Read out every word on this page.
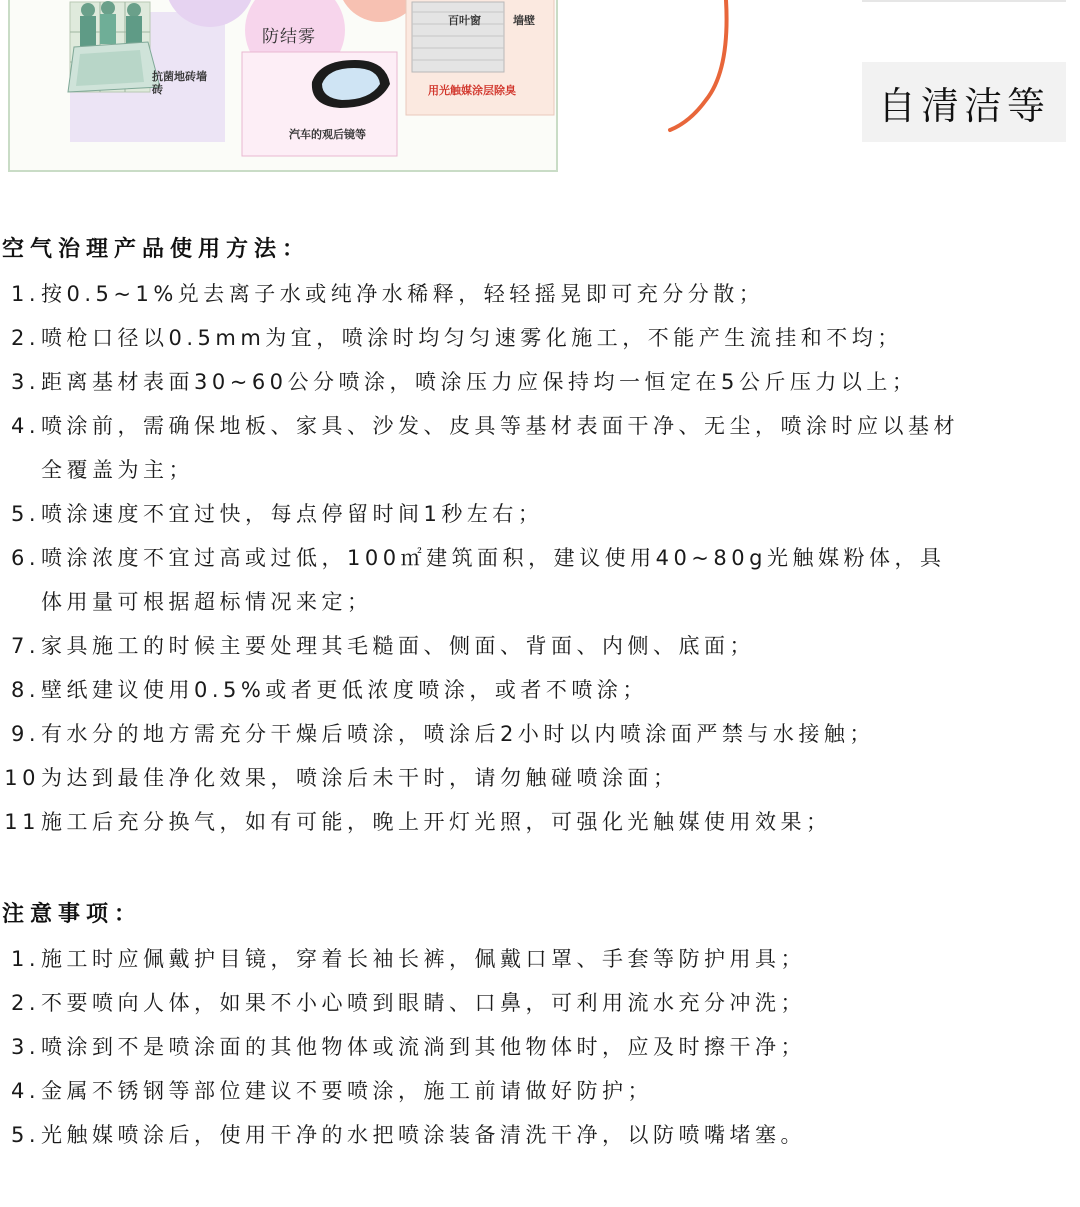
防结雾
抗菌地砖墙砖
百叶窗	墙壁
用光触媒涂层除臭
汽车的观后镜等
自清洁等
空气治理产品使用方法：
1.按0.5~1%兑去离子水或纯净水稀释，轻轻摇晃即可充分分散；
2.喷枪口径以0.5mm为宜，喷涂时均匀匀速雾化施工，不能产生流挂和不均；
3.距离基材表面30~60公分喷涂，喷涂压力应保持均一恒定在5公斤压力以上；
4.喷涂前，需确保地板、家具、沙发、皮具等基材表面干净、无尘，喷涂时应以基材
全覆盖为主；
5.喷涂速度不宜过快，每点停留时间1秒左右；
6.喷涂浓度不宜过高或过低，100㎡建筑面积，建议使用40~80g光触媒粉体，具
体用量可根据超标情况来定；
7.家具施工的时候主要处理其毛糙面、侧面、背面、内侧、底面；
8.壁纸建议使用0.5%或者更低浓度喷涂，或者不喷涂；
9.有水分的地方需充分干燥后喷涂，喷涂后2小时以内喷涂面严禁与水接触；
10为达到最佳净化效果，喷涂后未干时，请勿触碰喷涂面；
11施工后充分换气，如有可能，晚上开灯光照，可强化光触媒使用效果；
注意事项：
1.施工时应佩戴护目镜，穿着长袖长裤，佩戴口罩、手套等防护用具；
2.不要喷向人体，如果不小心喷到眼睛、口鼻，可利用流水充分冲洗；
3.喷涂到不是喷涂面的其他物体或流淌到其他物体时，应及时擦干净；
4.金属不锈钢等部位建议不要喷涂，施工前请做好防护；
5.光触媒喷涂后，使用干净的水把喷涂装备清洗干净，以防喷嘴堵塞。
